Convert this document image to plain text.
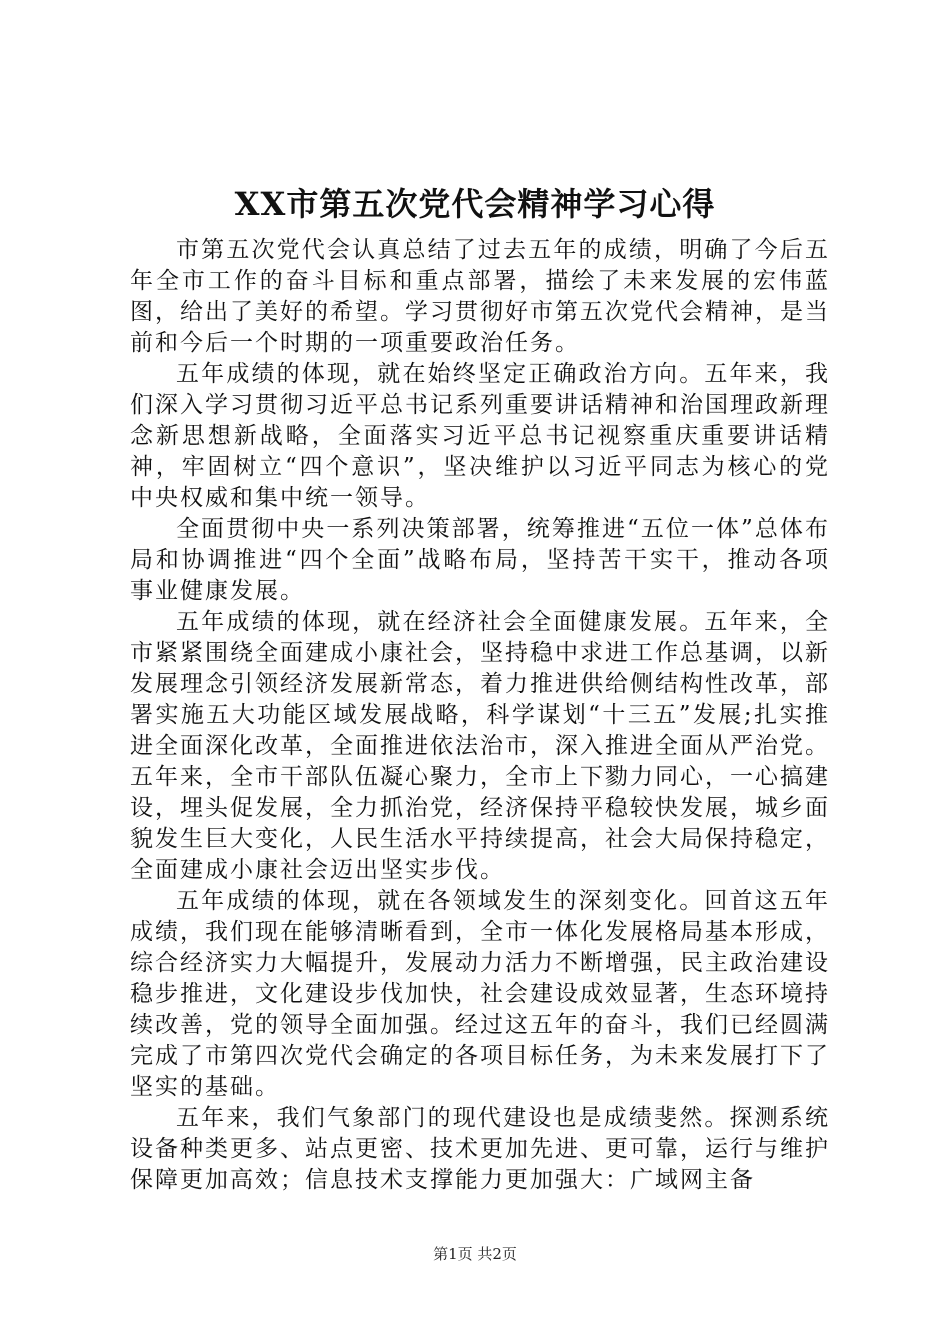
XX市第五次党代会精神学习心得

市第五次党代会认真总结了过去五年的成绩，明确了今后五年全市工作的奋斗目标和重点部署，描绘了未来发展的宏伟蓝图，给出了美好的希望。学习贯彻好市第五次党代会精神，是当前和今后一个时期的一项重要政治任务。

五年成绩的体现，就在始终坚定正确政治方向。五年来，我们深入学习贯彻习近平总书记系列重要讲话精神和治国理政新理念新思想新战略，全面落实习近平总书记视察重庆重要讲话精神，牢固树立“四个意识”，坚决维护以习近平同志为核心的党中央权威和集中统一领导。

全面贯彻中央一系列决策部署，统筹推进“五位一体”总体布局和协调推进“四个全面”战略布局，坚持苦干实干，推动各项事业健康发展。

五年成绩的体现，就在经济社会全面健康发展。五年来，全市紧紧围绕全面建成小康社会，坚持稳中求进工作总基调，以新发展理念引领经济发展新常态，着力推进供给侧结构性改革，部署实施五大功能区域发展战略，科学谋划“十三五”发展;扎实推进全面深化改革，全面推进依法治市，深入推进全面从严治党。五年来，全市干部队伍凝心聚力，全市上下勠力同心，一心搞建设，埋头促发展，全力抓治党，经济保持平稳较快发展，城乡面貌发生巨大变化，人民生活水平持续提高，社会大局保持稳定，全面建成小康社会迈出坚实步伐。

五年成绩的体现，就在各领域发生的深刻变化。回首这五年成绩，我们现在能够清晰看到，全市一体化发展格局基本形成，综合经济实力大幅提升，发展动力活力不断增强，民主政治建设稳步推进，文化建设步伐加快，社会建设成效显著，生态环境持续改善，党的领导全面加强。经过这五年的奋斗，我们已经圆满完成了市第四次党代会确定的各项目标任务，为未来发展打下了坚实的基础。

五年来，我们气象部门的现代建设也是成绩斐然。探测系统设备种类更多、站点更密、技术更加先进、更可靠，运行与维护保障更加高效；信息技术支撑能力更加强大：广域网主备

第1页 共2页
